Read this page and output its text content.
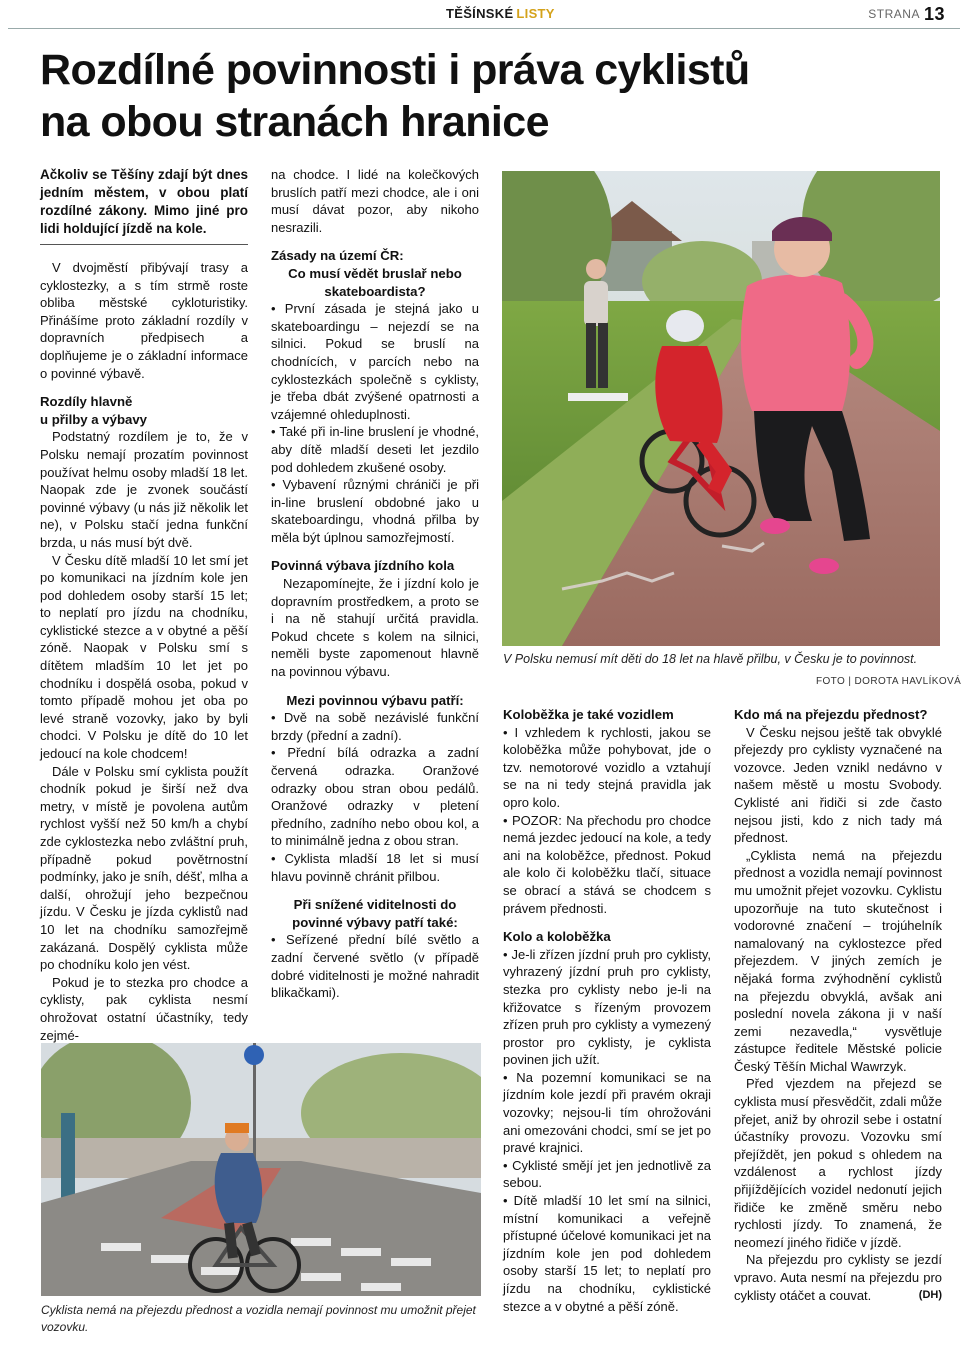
TĚŠÍNSKÉ LISTY	STRANA 13
Rozdílné povinnosti i práva cyklistů
na obou stranách hranice
Ačkoliv se Těšíny zdají být dnes jedním městem, v obou platí rozdílné zákony. Mimo jiné pro lidi holdující jízdě na kole.

V dvojměstí přibývají trasy a cyklostezky, a s tím strmě roste obliba městské cykloturistiky. Přinášíme proto základní rozdíly v dopravních předpisech a doplňujeme je o základní informace o povinné výbavě.

Rozdíly hlavně
u přilby a výbavy

Podstatný rozdílem je to, že v Polsku nemají prozatím povinnost používat helmu osoby mladší 18 let. Naopak zde je zvonek součástí povinné výbavy (u nás již několik let ne), v Polsku stačí jedna funkční brzda, u nás musí být dvě.

V Česku dítě mladší 10 let smí jet po komunikaci na jízdním kole jen pod dohledem osoby starší 15 let; to neplatí pro jízdu na chodníku, cyklistické stezce a v obytné a pěší zóně. Naopak v Polsku smí s dítětem mladším 10 let jet po chodníku i dospělá osoba, pokud v tomto případě mohou jet oba po levé straně vozovky, jako by byli chodci. V Polsku je dítě do 10 let jedoucí na kole chodcem!

Dále v Polsku smí cyklista použít chodník pokud je širší než dva metry, v místě je povolena autům rychlost vyšší než 50 km/h a chybí zde cyklostezka nebo zvláštní pruh, případně pokud povětrnostní podmínky, jako je sníh, déšť, mlha a další, ohrožují jeho bezpečnou jízdu. V Česku je jízda cyklistů nad 10 let na chodníku samozřejmě zakázaná. Dospělý cyklista může po chodníku kolo jen vést.

Pokud je to stezka pro chodce a cyklisty, pak cyklista nesmí ohrožovat ostatní účastníky, tedy zejmé-

na chodce. I lidé na kolečkových bruslích patří mezi chodce, ale i oni musí dávat pozor, aby nikoho nesrazili.

Zásady na území ČR:
Co musí vědět bruslař nebo skateboardista?

• První zásada je stejná jako u skateboardingu – nejezdí se na silnici. Pokud se bruslí na chodnících, v parcích nebo na cyklostezkách společně s cyklisty, je třeba dbát zvýšené opatrnosti a vzájemné ohleduplnosti.

• Také při in-line bruslení je vhodné, aby dítě mladší deseti let jezdilo pod dohledem zkušené osoby.

• Vybavení různými chrániči je při in-line bruslení obdobné jako u skateboardingu, vhodná přilba by měla být úplnou samozřejmostí.

Povinná výbava jízdního kola

Nezapomínejte, že i jízdní kolo je dopravním prostředkem, a proto se i na ně stahují určitá pravidla. Pokud chcete s kolem na silnici, neměli byste zapomenout hlavně na povinnou výbavu.

Mezi povinnou výbavu patří:

• Dvě na sobě nezávislé funkční brzdy (přední a zadní).

• Přední bílá odrazka a zadní červená odrazka. Oranžové odrazky obou stran obou pedálů. Oranžové odrazky v pletení předního, zadního nebo obou kol, a to minimálně jedna z obou stran.

• Cyklista mladší 18 let si musí hlavu povinně chránit přilbou.

Při snížené viditelnosti do povinné výbavy patří také:

• Seřízené přední bílé světlo a zadní červené světlo (v případě dobré viditelnosti je možné nahradit blikačkami).

V Polsku nemusí mít děti do 18 let na hlavě přilbu, v Česku je to povinnost.
FOTO | DOROTA HAVLÍKOVÁ
Koloběžka je také vozidlem

• I vzhledem k rychlosti, jakou se koloběžka může pohybovat, jde o tzv. nemotorové vozidlo a vztahují se na ni tedy stejná pravidla jak opro kolo.

• POZOR: Na přechodu pro chodce nemá jezdec jedoucí na kole, a tedy ani na koloběžce, přednost. Pokud ale kolo či koloběžku tlačí, situace se obrací a stává se chodcem s právem přednosti.

Kolo a koloběžka

• Je-li zřízen jízdní pruh pro cyklisty, vyhrazený jízdní pruh pro cyklisty, stezka pro cyklisty nebo je-li na křižovatce s řízeným provozem zřízen pruh pro cyklisty a vymezený prostor pro cyklisty, je cyklista povinen jich užít.

• Na pozemní komunikaci se na jízdním kole jezdí při pravém okraji vozovky; nejsou-li tím ohrožováni ani omezováni chodci, smí se jet po pravé krajnici.

• Cyklisté smějí jet jen jednotlivě za sebou.

• Dítě mladší 10 let smí na silnici, místní komunikaci a veřejně přístupné účelové komunikaci jet na jízdním kole jen pod dohledem osoby starší 15 let; to neplatí pro jízdu na chodníku, cyklistické stezce a v obytné a pěší zóně.

Kdo má na přejezdu přednost?

V Česku nejsou ještě tak obvyklé přejezdy pro cyklisty vyznačené na vozovce. Jeden vznikl nedávno v našem městě u mostu Svobody. Cyklisté ani řidiči si zde často nejsou jisti, kdo z nich tady má přednost.

„Cyklista nemá na přejezdu přednost a vozidla nemají povinnost mu umožnit přejet vozovku. Cyklistu upozorňuje na tuto skutečnost i vodorovné značení – trojúhelník namalovaný na cyklostezce před přejezdem. V jiných zemích je nějaká forma zvýhodnění cyklistů na přejezdu obvyklá, avšak ani poslední novela zákona ji v naší zemi nezavedla,“ vysvětluje zástupce ředitele Městské policie Český Těšín Michal Wawrzyk.

Před vjezdem na přejezd se cyklista musí přesvědčit, zdali může přejet, aniž by ohrozil sebe i ostatní účastníky provozu. Vozovku smí přejíždět, jen pokud s ohledem na vzdálenost a rychlost jízdy přijíždějících vozidel nedonutí jejich řidiče ke změně směru nebo rychlosti jízdy. To znamená, že neomezí jiného řidiče v jízdě.

Na přejezdu pro cyklisty se jezdí vpravo. Auta nesmí na přejezdu pro cyklisty otáčet a couvat.	(DH)

Cyklista nemá na přejezdu přednost a vozidla nemají povinnost mu umožnit přejet vozovku.
